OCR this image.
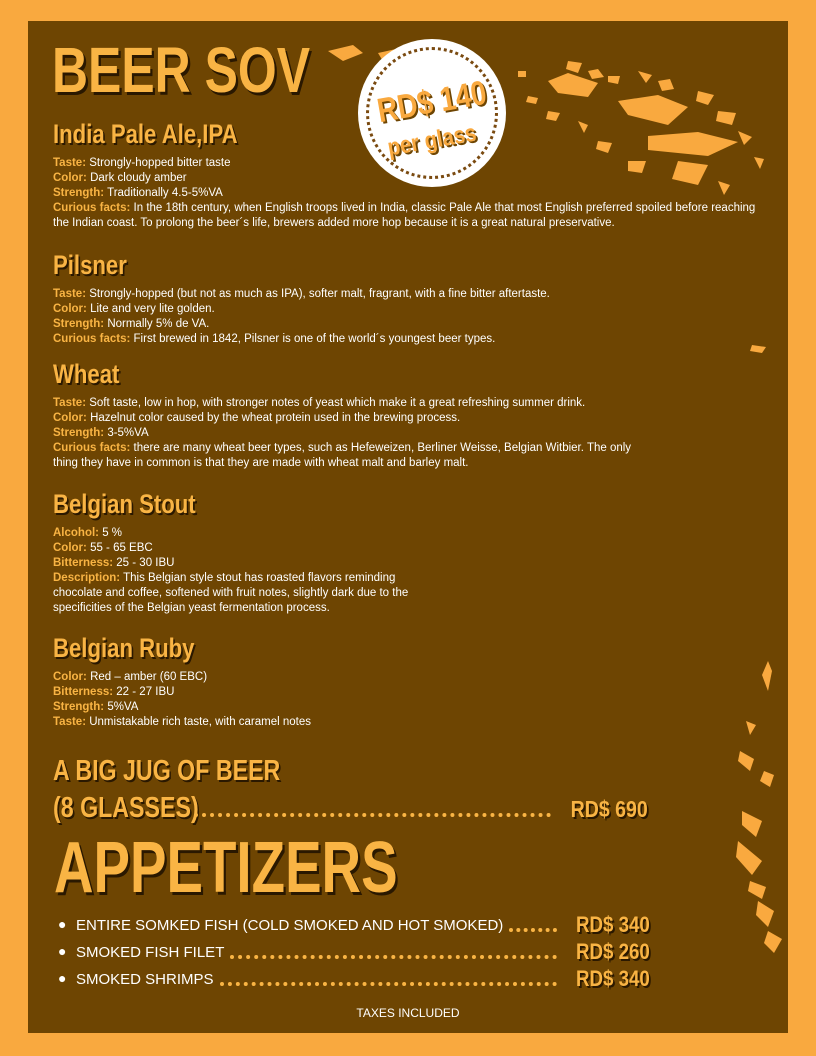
BEER SOV RD$ 140
per glass
India Pale Ale,IPA
Taste: Strongly-hopped bitter taste
Color: Dark cloudy amber
Strength: Traditionally 4.5-5%VA
Curious facts: In the 18th century, when English troops lived in India, classic Pale Ale that most English preferred spoiled before reaching the Indian coast. To prolong the beer´s life, brewers added more hop because it is a great natural preservative.
Pilsner
Taste: Strongly-hopped (but not as much as IPA), softer malt, fragrant, with a fine bitter aftertaste.
Color: Lite and very lite golden.
Strength: Normally 5% de VA.
Curious facts: First brewed in 1842, Pilsner is one of the world´s youngest beer types.
Wheat
Taste: Soft taste, low in hop, with stronger notes of yeast which make it a great refreshing summer drink.
Color: Hazelnut color caused by the wheat protein used in the brewing process.
Strength: 3-5%VA
Curious facts: there are many wheat beer types, such as Hefeweizen, Berliner Weisse, Belgian Witbier. The only thing they have in common is that they are made with wheat malt and barley malt.
Belgian Stout
Alcohol: 5 %
Color: 55 - 65 EBC
Bitterness: 25 - 30 IBU
Description: This Belgian style stout has roasted flavors reminding chocolate and coffee, softened with fruit notes, slightly dark due to the specificities of the Belgian yeast fermentation process.
Belgian Ruby
Color: Red – amber (60 EBC)
Bitterness: 22 - 27 IBU
Strength: 5%VA
Taste: Unmistakable rich taste, with caramel notes
A BIG JUG OF BEER
(8 GLASSES)	RD$ 690
APPETIZERS
● ENTIRE SOMKED FISH (COLD SMOKED AND HOT SMOKED)	RD$ 340
● SMOKED FISH FILET	RD$ 260
● SMOKED SHRIMPS	RD$ 340
TAXES INCLUDED
